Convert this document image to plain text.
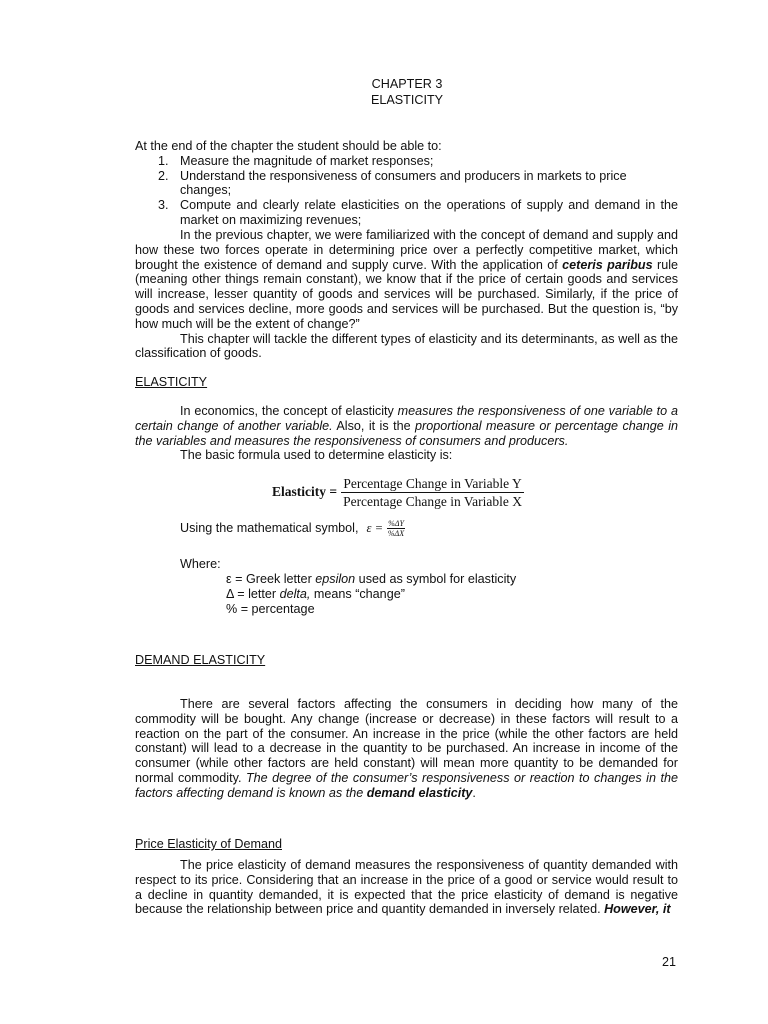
CHAPTER 3
ELASTICITY

At the end of the chapter the student should be able to:

1. Measure the magnitude of market responses;
2. Understand the responsiveness of consumers and producers in markets to price changes;
3. Compute and clearly relate elasticities on the operations of supply and demand in the market on maximizing revenues;

In the previous chapter, we were familiarized with the concept of demand and supply and how these two forces operate in determining price over a perfectly competitive market, which brought the existence of demand and supply curve. With the application of ceteris paribus rule (meaning other things remain constant), we know that if the price of certain goods and services will increase, lesser quantity of goods and services will be purchased. Similarly, if the price of goods and services decline, more goods and services will be purchased. But the question is, “by how much will be the extent of change?”

This chapter will tackle the different types of elasticity and its determinants, as well as the classification of goods.

ELASTICITY

In economics, the concept of elasticity measures the responsiveness of one variable to a certain change of another variable. Also, it is the proportional measure or percentage change in the variables and measures the responsiveness of consumers and producers.

The basic formula used to determine elasticity is:

Elasticity = $\frac{\text{Percentage Change in Variable Y}}{\text{Percentage Change in Variable X}}$
Using the mathematical symbol, $\varepsilon = \frac{\%\Delta Y}{\%\Delta X}$
Where:
ε = Greek letter epsilon used as symbol for elasticity
Δ = letter delta, means “change”
% = percentage
DEMAND ELASTICITY

There are several factors affecting the consumers in deciding how many of the commodity will be bought. Any change (increase or decrease) in these factors will result to a reaction on the part of the consumer. An increase in the price (while the other factors are held constant) will lead to a decrease in the quantity to be purchased. An increase in income of the consumer (while other factors are held constant) will mean more quantity to be demanded for normal commodity. The degree of the consumer’s responsiveness or reaction to changes in the factors affecting demand is known as the demand elasticity.

Price Elasticity of Demand

The price elasticity of demand measures the responsiveness of quantity demanded with respect to its price. Considering that an increase in the price of a good or service would result to a decline in quantity demanded, it is expected that the price elasticity of demand is negative because the relationship between price and quantity demanded in inversely related. However, it

21
